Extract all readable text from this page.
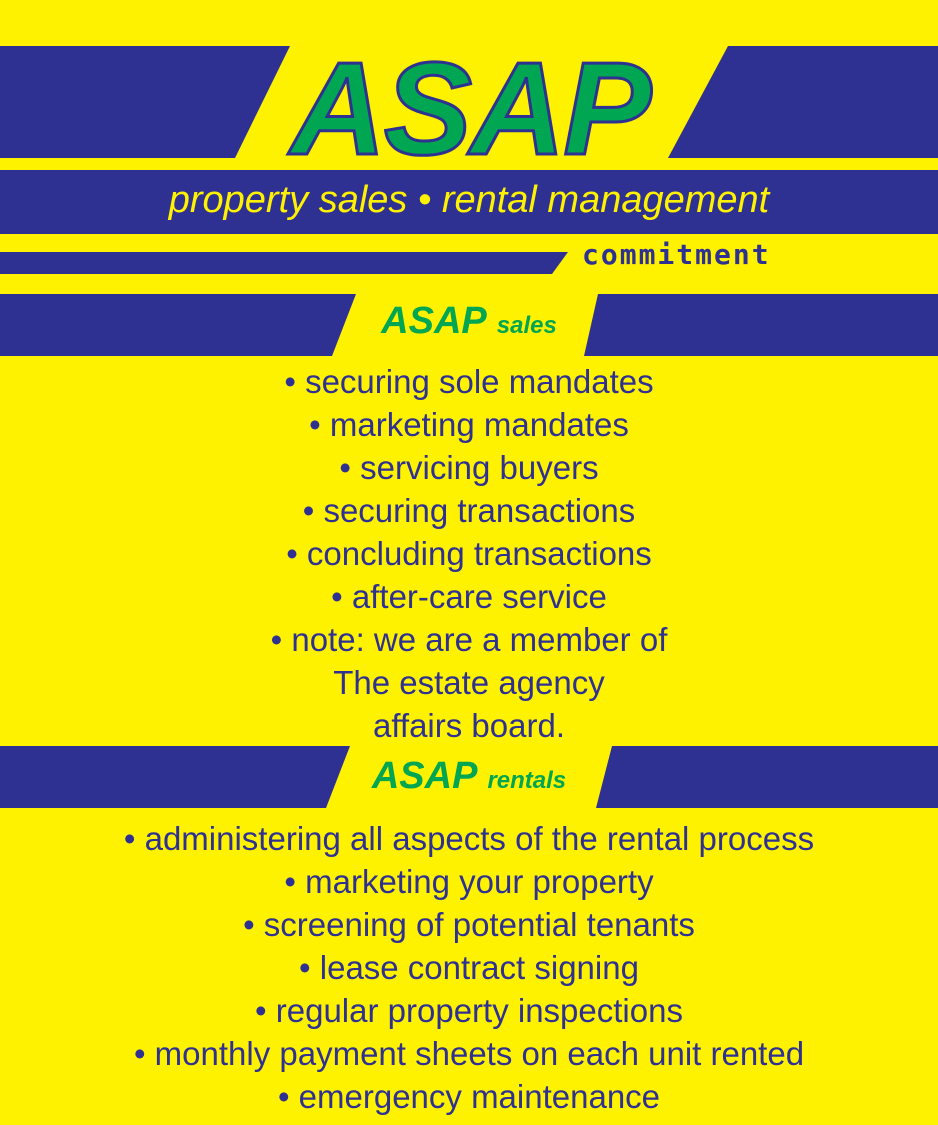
ASAP
property sales • rental management
commitment
ASAP sales
• securing sole mandates
• marketing mandates
• servicing buyers
• securing transactions
• concluding transactions
• after-care service
• note: we are a member of
The estate agency
affairs board.
ASAP rentals
• administering all aspects of the rental process
• marketing your property
• screening of potential tenants
• lease contract signing
• regular property inspections
• monthly payment sheets on each unit rented
• emergency maintenance
